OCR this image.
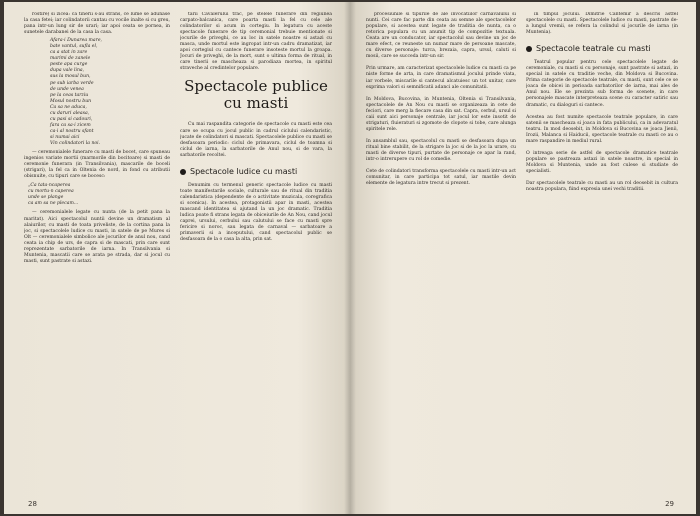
rostire) si zicea: ca tinerii s-au strans, ce lume se adunase la casa fetei; iar colindatorii cantau cu vocile inalte si cu greu, pana intr-un lung sir de urari; iar apoi ceata se pornea, in sunetele darabanei de la casa la casa.

Afara-i Dunarea mare,
bate vantul, sufla el,
ca a stat in zare
marimi de zanele
peste apa curge
dupa vale lina,
sus la mosul bun,
pe sub iarba verde
de unde venea
pe la ceas tarziu
Mosul nostru bun
Ca sa ne aduca,
cu daruri aleasa,
cu pasi si cadouri,
fara ca sa-i zicem
ca-i al nostru sfant
si numai aici
Vin colindatori la noi.

— ceremonialele funerare cu masti de bocet, care spuneau ingenios variate mortii (marmorile din bocitoare) si masti de ceremonie funerara (in Transilvania), mascarile de boceli (strigari), la fel ca in Oltenia de nord, in fond cu atributii obisnuite, cu tipuri care se bocesc:

„Ca tata-ncaperea
cu mortu-n caperea
unde se plange
ca am sa ne plecam...

— ceremonialele legate cu nunta (de la petit pana la maritat). Aici spectacolul nuntii devine un dramatism al alaiurilor, cu masti de toata priveliste, de la cortina pana la joc, si spectacolele ludice cu masti, in satele de pe Mures si Olt — ceremonialele simbolice ale jocurilor de anul nou, cand ceata ia chip de urs, de capra si de mascati, prin care sunt reprezentate sarbatorile de iarna. In Transilvania si Muntenia, mascatii care se arata pe strada, dar si jocul cu masti, sunt pastrate si astazi.

tarii Cavalerului trac, pe stelele funerare din regiunea carpato-balcanica, care poarta masti la fel cu cele ale colindatorilor si acum in cortegiu. In legatura cu aceste spectacole funerare de tip ceremonial trebuie mentionate si jocurile de priveghi, ce au loc in satele noastre si astazi cu masca, unde mortul este ingropat intr-un cadru dramatizat, iar apoi cortegiul cu cantece funerare insoteste mortul la groapa. Jocuri de priveghi, de la mort, sunt o ultima forma de ritual, in care tinerii se mascheaza si parodiaza mortea, in spiritul straveche al credintelor populare.

Spectacole publice cu masti

Cu mai raspandita categorie de spectacole cu masti este cea care se ocupa cu jocul public in cadrul ciclului calendaristic, jucate de colindatori si mascati. Spectacolele publice cu masti se desfasoara periodic: ciclul de primavara, ciclul de toamna si ciclul de iarna, la sarbatorile de Anul nou, si de vara, la sarbatorile recoltei.

Spectacole ludice cu masti

Denumim cu termenul generic spectacole ludice cu masti toate manifestarile sociale, culturale sau de ritual din traditia calendaristica (dependente de o activitate muzicala, coregrafica si scenica). In acestea, protagonistii apar in masti, acestea mascand identitatea si ajutand la un joc dramatic. Traditia ludica poate fi strans legata de obiceiurile de An Nou, cand jocul caprei, ursului, cerbului sau calutului se face cu masti spre fericire si noroc, sau legata de carnaval — sarbatoare a primaverii si a inceputului, cand spectacolul public se desfasoara de la o casa la alta, prin sat.

28

procesiunile si tipurile de ale invocatiilor carnavalului si nunti. Cei care fac parte din ceata au semne ale spectacolelor populare, si acestea sunt legate de traditia de nunta, ca o retorica populara cu un anumit tip de compozitie textuala. Ceata are un conducator, iar spectacolul sau devine un joc de mare efect, ce reuneste un numar mare de persoane mascate, cu diverse personaje: turca, brezaia, capra, ursul, caluti si mosii, care se succeda intr-un sir.

Prin urmare, am caracterizat spectacolele ludice cu masti ca pe niste forme de arta, in care dramatismul jocului prinde viata, iar vorbele, miscarile si cantecul alcatuiesc un tot unitar, care exprima valori si semnificatii adanci ale comunitatii.

In Moldova, Bucovina, in Muntenia, Oltenia si Transilvania, spectacolele de An Nou cu masti se organizeaza in cete de feciori, care merg la fiecare casa din sat. Capra, cerbul, ursul si caii sunt aici personaje centrale, iar jocul lor este insotit de strigaturi, fluieraturi si zgomote de clopote si tobe, care alunga spiritele rele.

In ansamblul sau, spectacolul cu masti se desfasoara dupa un ritual bine stabilit, de la strigare la joc si de la joc la urare, cu masti de diverse tipuri, purtate de personaje ce apar la rand, intr-o intrerupere cu rol de comedie.

Cete de colindatori transforma spectacolele cu masti intr-un act comunitar, in care participa tot satul, iar mastile devin elemente de legatura intre trecut si prezent.

in timpul jocului. Dimitrie Cantemir a descris astfel spectacolele cu masti. Spectacolele ludice cu masti, pastrate de-a lungul vremii, se refera la colindul si jocurile de iarna (in Muntenia).

Spectacole teatrale cu masti

Teatrul popular pentru cele spectacolele legate de ceremoniale, cu masti si cu personaje, sunt pastrate si astazi, in special in satele cu traditie veche, din Moldova si Bucovina. Prima categorie de spectacole teatrale, cu masti, sunt cele ce se joaca de obicei in perioada sarbatorilor de iarna, mai ales de Anul nou. Ele se prezinta sub forma de scenete, in care personajele mascate interpreteaza scene cu caracter satiric sau dramatic, cu dialoguri si cantece.

Acestea au fost numite spectacole teatrale populare, in care satenii se mascheaza si joaca in fata publicului, ca in adevaratul teatru. In mod deosebit, in Moldova si Bucovina se joaca Jienii, Irozii, Malanca si Haiducii, spectacole teatrale cu masti ce au o mare raspandire in mediul rural.

O intreaga serie de astfel de spectacole dramatice teatrale populare se pastreaza astazi in satele noastre, in special in Moldova si Muntenia, unde au fost culese si studiate de specialisti.

Dar spectacolele teatrale cu masti au un rol deosebit in cultura noastra populara, fiind expresia unei vechi traditii.

29
